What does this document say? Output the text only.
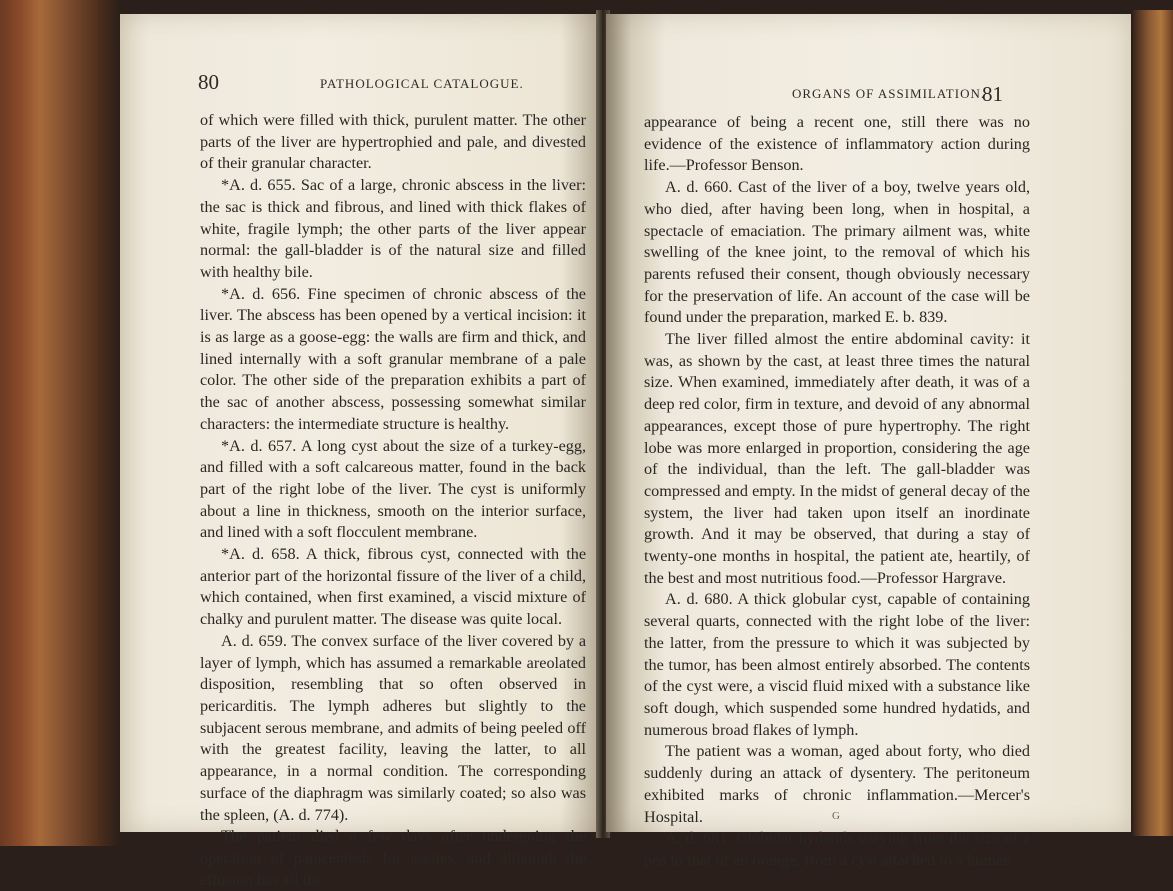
80	PATHOLOGICAL CATALOGUE.

of which were filled with thick, purulent matter. The other parts of the liver are hypertrophied and pale, and divested of their granular character.

*A. d. 655. Sac of a large, chronic abscess in the liver: the sac is thick and fibrous, and lined with thick flakes of white, fragile lymph; the other parts of the liver appear normal: the gall-bladder is of the natural size and filled with healthy bile.

*A. d. 656. Fine specimen of chronic abscess of the liver. The abscess has been opened by a vertical incision: it is as large as a goose-egg: the walls are firm and thick, and lined internally with a soft granular membrane of a pale color. The other side of the preparation exhibits a part of the sac of another abscess, possessing somewhat similar characters: the intermediate structure is healthy.

*A. d. 657. A long cyst about the size of a turkey-egg, and filled with a soft calcareous matter, found in the back part of the right lobe of the liver. The cyst is uniformly about a line in thickness, smooth on the interior surface, and lined with a soft flocculent membrane.

*A. d. 658. A thick, fibrous cyst, connected with the anterior part of the horizontal fissure of the liver of a child, which contained, when first examined, a viscid mixture of chalky and purulent matter. The disease was quite local.

A. d. 659. The convex surface of the liver covered by a layer of lymph, which has assumed a remarkable areolated disposition, resembling that so often observed in pericarditis. The lymph adheres but slightly to the subjacent serous membrane, and admits of being peeled off with the greatest facility, leaving the latter, to all appearance, in a normal condition. The corresponding surface of the diaphragm was similarly coated; so also was the spleen, (A. d. 774).

The patient died a few days after undergoing the operation of paracentesis for ascites, and although the effusion has all the

ORGANS OF ASSIMILATION.
81

appearance of being a recent one, still there was no evidence of the existence of inflammatory action during life.—Professor Benson.

A. d. 660. Cast of the liver of a boy, twelve years old, who died, after having been long, when in hospital, a spectacle of emaciation. The primary ailment was, white swelling of the knee joint, to the removal of which his parents refused their consent, though obviously necessary for the preservation of life. An account of the case will be found under the preparation, marked E. b. 839.

The liver filled almost the entire abdominal cavity: it was, as shown by the cast, at least three times the natural size. When examined, immediately after death, it was of a deep red color, firm in texture, and devoid of any abnormal appearances, except those of pure hypertrophy. The right lobe was more enlarged in proportion, considering the age of the individual, than the left. The gall-bladder was compressed and empty. In the midst of general decay of the system, the liver had taken upon itself an inordinate growth. And it may be observed, that during a stay of twenty-one months in hospital, the patient ate, heartily, of the best and most nutritious food.—Professor Hargrave.

A. d. 680. A thick globular cyst, capable of containing several quarts, connected with the right lobe of the liver: the latter, from the pressure to which it was subjected by the tumor, has been almost entirely absorbed. The contents of the cyst were, a viscid fluid mixed with a substance like soft dough, which suspended some hundred hydatids, and numerous broad flakes of lymph.

The patient was a woman, aged about forty, who died suddenly during an attack of dysentery. The peritoneum exhibited marks of chronic inflammation.—Mercer's Hospital.

A. d. 681. Globular hydatids varying from the size of a pea to that of an orange, from a cyst attached to a human

G
